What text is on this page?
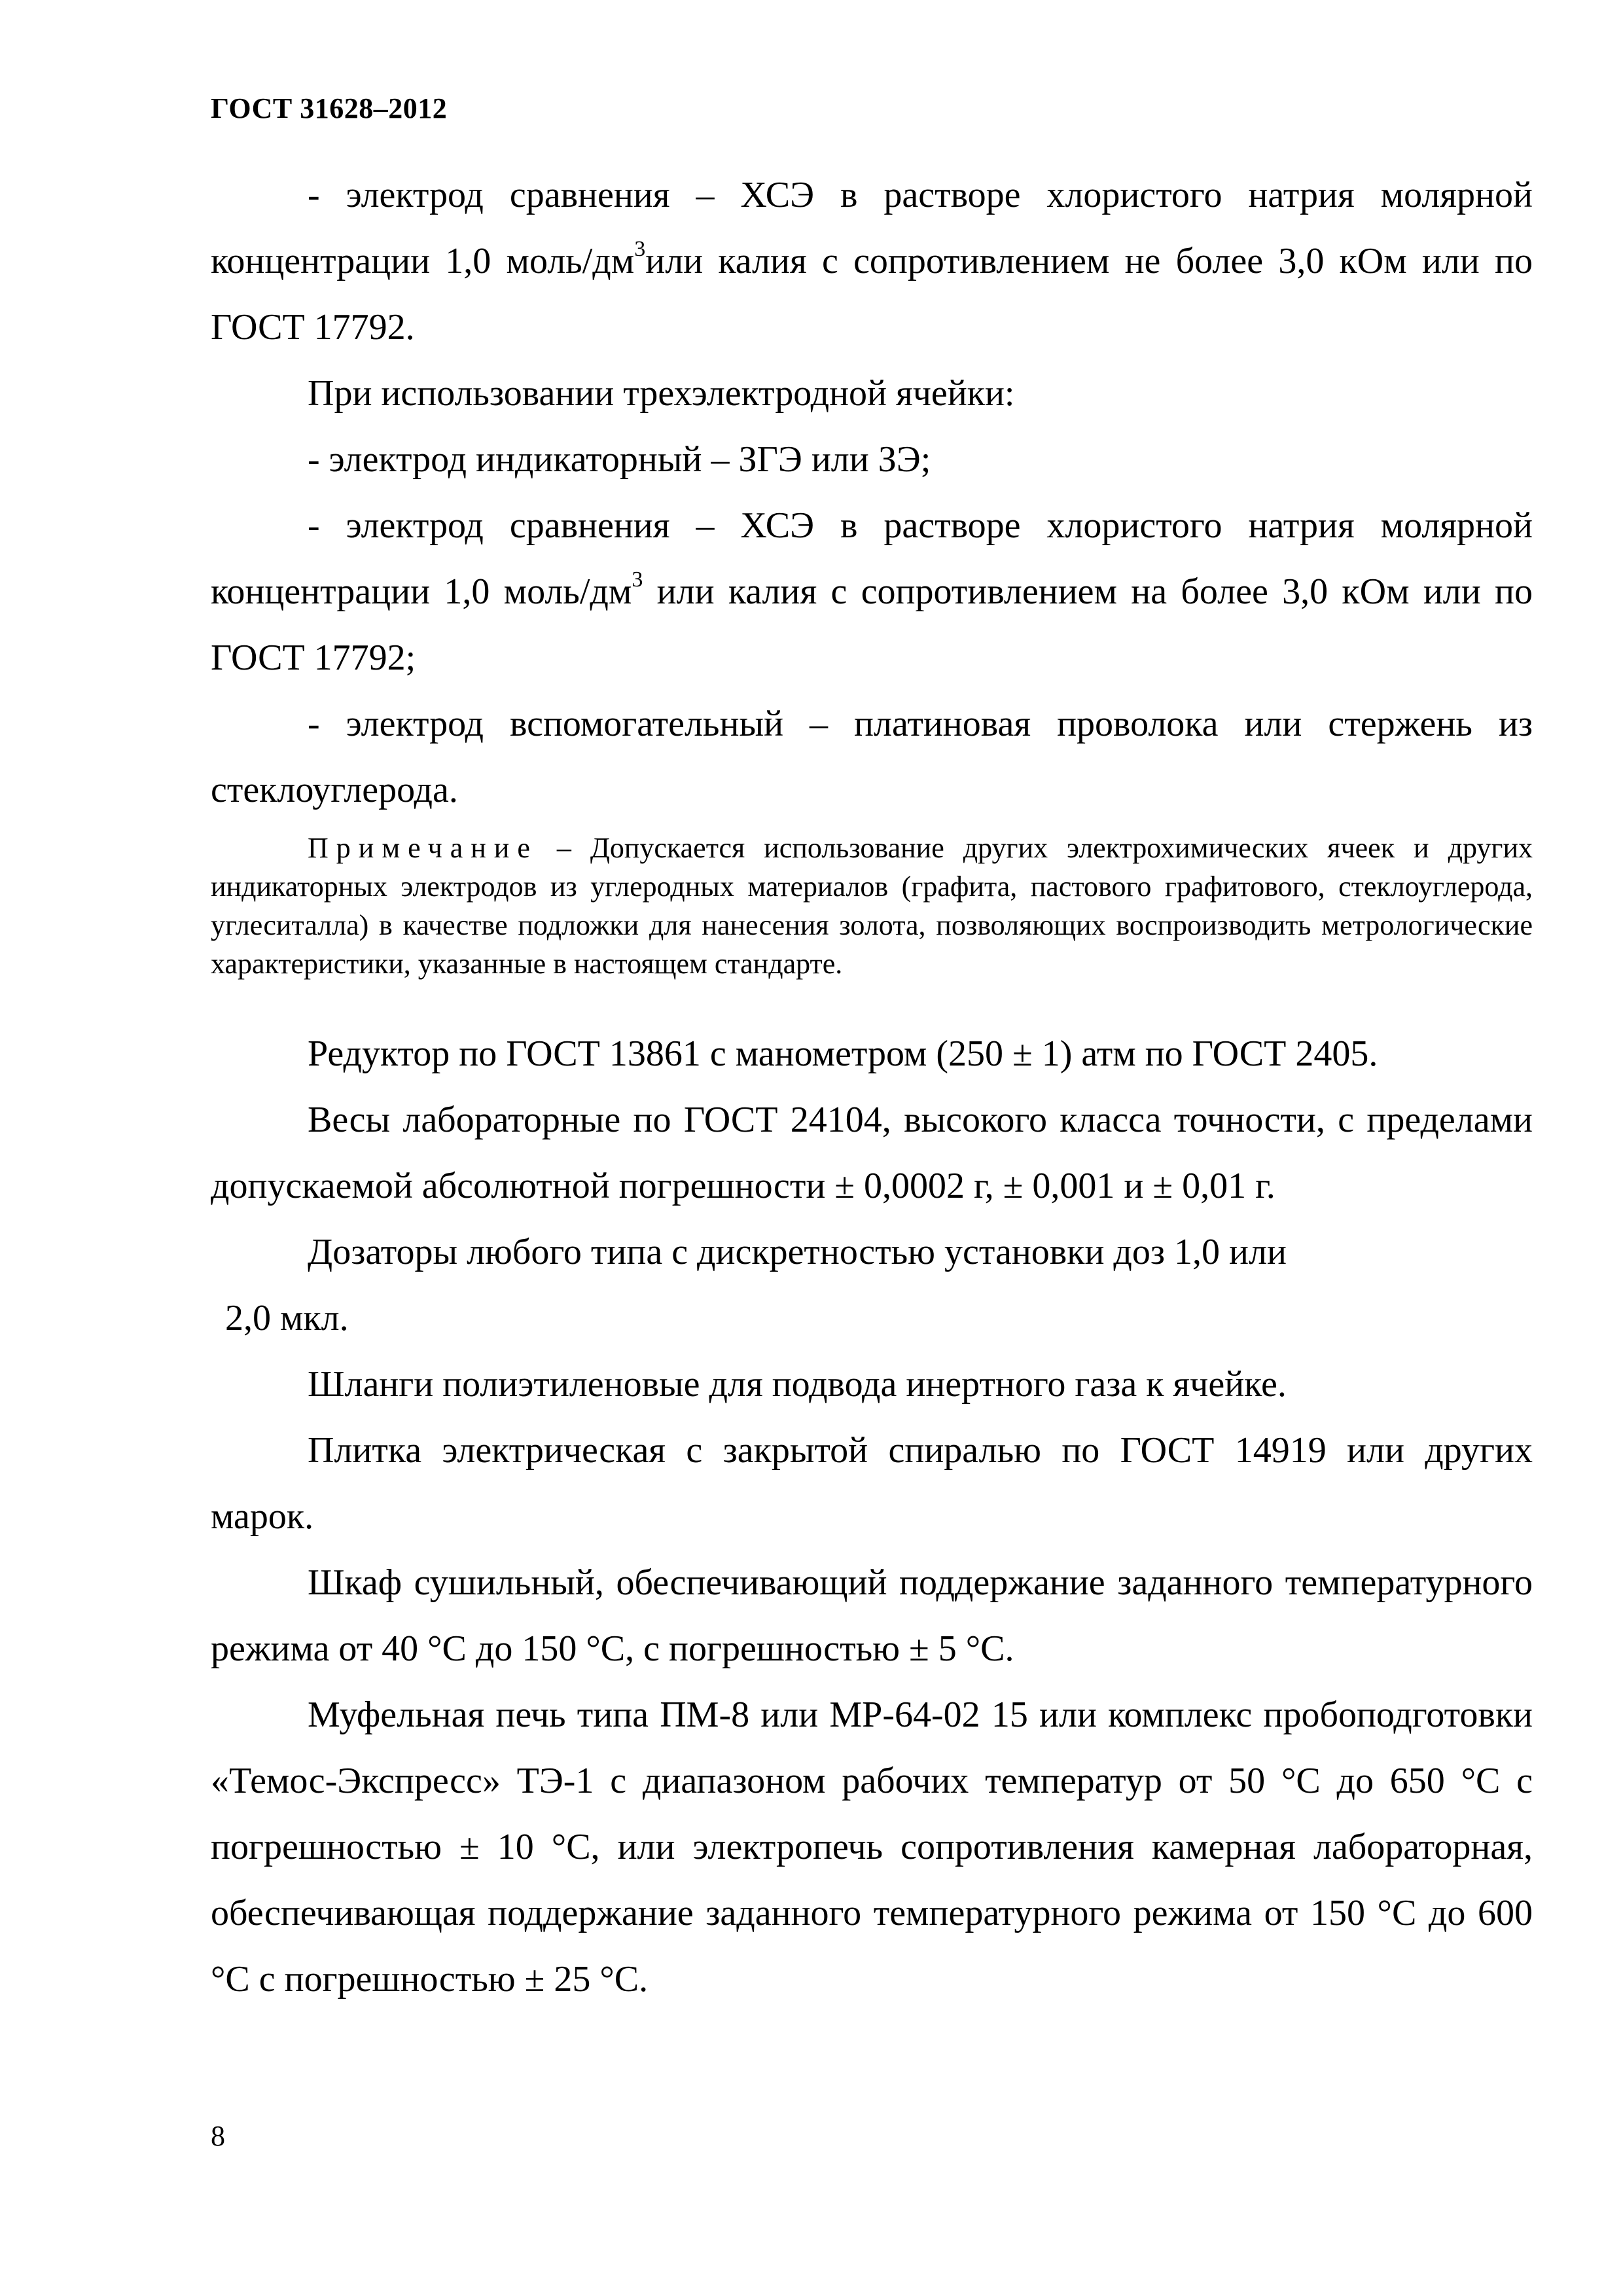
ГОСТ 31628–2012

- электрод сравнения – ХСЭ в растворе хлористого натрия молярной концентрации 1,0 моль/$дм^3или$ калия с сопротивлением не более 3,0 кОм или по ГОСТ 17792.

При использовании трехэлектродной ячейки:

- электрод индикаторный – ЗГЭ или ЗЭ;

- электрод сравнения – ХСЭ в растворе хлористого натрия молярной концентрации 1,0 моль/$дм^3$ или калия с сопротивлением на более 3,0 кОм или по ГОСТ 17792;

- электрод вспомогательный – платиновая проволока или стержень из стеклоуглерода.

Примечание – Допускается использование других электрохимических ячеек и других индикаторных электродов из углеродных материалов (графита, пастового графитового, стеклоуглерода, углеситалла) в качестве подложки для нанесения золота, позволяющих воспроизводить метрологические характеристики, указанные в настоящем стандарте.

Редуктор по ГОСТ 13861 с манометром (250 ± 1) атм по ГОСТ 2405.

Весы лабораторные по ГОСТ 24104, высокого класса точности, с пределами допускаемой абсолютной погрешности ± 0,0002 г, ± 0,001 и ± 0,01 г.

Дозаторы любого типа с дискретностью установки доз 1,0 или

2,0 мкл.

Шланги полиэтиленовые для подвода инертного газа к ячейке.

Плитка электрическая с закрытой спиралью по ГОСТ 14919 или других марок.

Шкаф сушильный, обеспечивающий поддержание заданного температурного режима от 40 °С до 150 °С, с погрешностью ± 5 °С.

Муфельная печь типа ПМ-8 или МР-64-02 15 или комплекс пробоподготовки «Темос-Экспресс» ТЭ-1 с диапазоном рабочих температур от 50 °С до 650 °С с погрешностью ± 10 °С, или электропечь сопротивления камерная лабораторная, обеспечивающая поддержание заданного температурного режима от 150 °С до 600 °С с погрешностью ± 25 °С.

8
